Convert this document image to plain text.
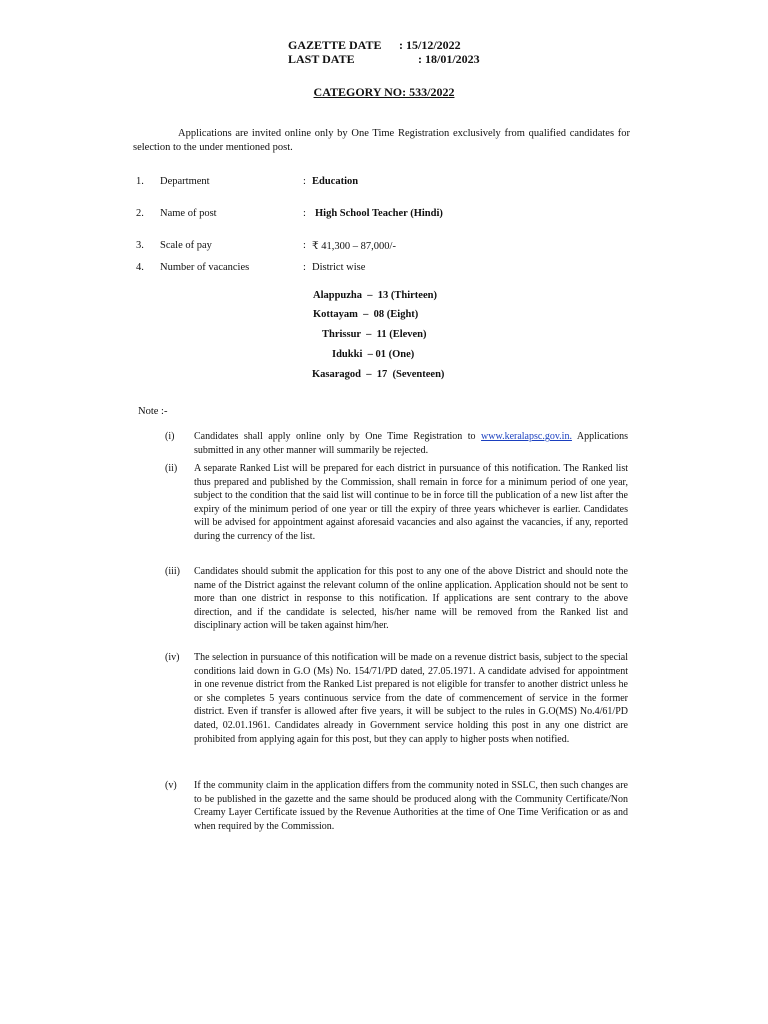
GAZETTE DATE : 15/12/2022
LAST DATE	: 18/01/2023
CATEGORY NO: 533/2022

Applications are invited online only by One Time Registration exclusively from qualified candidates for selection to the under mentioned post.

1. Department	: Education
2. Name of post	: High School Teacher (Hindi)
3. Scale of pay	: ₹ 41,300 – 87,000/-
4. Number of vacancies	: District wise
Alappuzha  –  13 (Thirteen)
Kottayam  –  08 (Eight)
Thrissur  –  11 (Eleven)
Idukki  – 01 (One)
Kasaragod  –  17  (Seventeen)
Note :-
(i) Candidates shall apply online only by One Time Registration to www.keralapsc.gov.in. Applications submitted in any other manner will summarily be rejected.

(ii) A separate Ranked List will be prepared for each district in pursuance of this notification. The Ranked list thus prepared and published by the Commission, shall remain in force for a minimum period of one year, subject to the condition that the said list will continue to be in force till the publication of a new list after the expiry of the minimum period of one year or till the expiry of three years whichever is earlier. Candidates will be advised for appointment against aforesaid vacancies and also against the vacancies, if any, reported during the currency of the list.

(iii) Candidates should submit the application for this post to any one of the above District and should note the name of the District against the relevant column of the online application. Application should not be sent to more than one district in response to this notification. If applications are sent contrary to the above direction, and if the candidate is selected, his/her name will be removed from the Ranked list and disciplinary action will be taken against him/her.

(iv) The selection in pursuance of this notification will be made on a revenue district basis, subject to the special conditions laid down in G.O (Ms) No. 154/71/PD dated, 27.05.1971. A candidate advised for appointment in one revenue district from the Ranked List prepared is not eligible for transfer to another district unless he or she completes 5 years continuous service from the date of commencement of service in the former district. Even if transfer is allowed after five years, it will be subject to the rules in G.O(MS) No.4/61/PD dated, 02.01.1961. Candidates already in Government service holding this post in any one district are prohibited from applying again for this post, but they can apply to higher posts when notified.

(v) If the community claim in the application differs from the community noted in SSLC, then such changes are to be published in the gazette and the same should be produced along with the Community Certificate/Non Creamy Layer Certificate issued by the Revenue Authorities at the time of One Time Verification or as and when required by the Commission.
